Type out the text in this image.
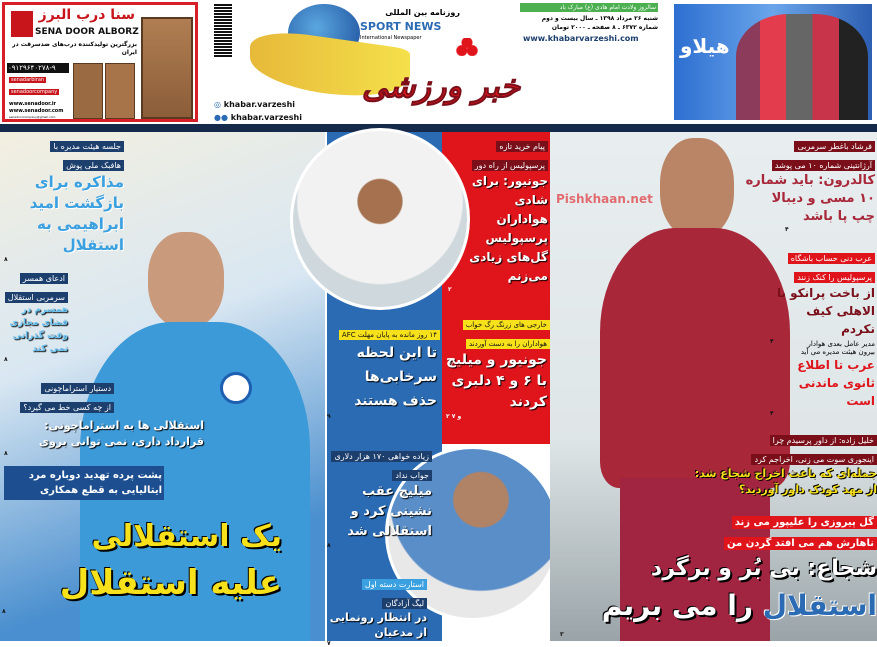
سنا درب البرز
SENA DOOR ALBORZ
بزرگترین تولیدکننده درب‌های ضدسرقت در ایران
۰۹۱۲۹۶۴۰۲۷۸-۹
senadarbiran
senadoorcompany
www.senadoor.ir
www.senadoor.com
senadoorcompany@gmail.com
◎ khabar.varzeshi
●● khabar.varzeshi
روزنامه بین المللی
SPORT NEWS
International Newspaper
خبر ورزشی
سالروز ولادت امام هادی (ع) مبارک باد
شنبه ۲۶ مرداد ۱۳۹۸ ـ سال بیست و دوم
شماره ۶۳۷۲ ـ ۸ صفحه ـ ۲۰۰۰ تومان
www.khabarvarzeshi.com هیلاو
جلسه هیئت مدیره با
هافبک ملی پوش
مذاکره برای بازگشت امید ابراهیمی به استقلال
۸
ادعای همسر
سرمربی استقلال
همسرم در فضای مجازی وقت گذرانی نمی کند
۸
دستیار استراماچونی
از چه کسی خط می گیرد؟
استقلالی ها به استراماچونی: قرارداد داری، نمی توانی بروی
۸
پشت پرده تهدید دوباره مرد ایتالیایی به قطع همکاری
یک استقلالی
علیه استقلال
۸
پیام خرید تازه
پرسپولیس از راه دور
جونیور: برای شادی هواداران پرسپولیس گل‌های زیادی می‌زنم
۲
خارجی های زرنگ رگ خواب
هواداران را به دست آوردند
جونیور و میلیچ با ۶ و ۴ دلبری کردند
۲ و ۷
۱۴ روز مانده به پایان مهلت AFC
تا این لحظه سرخابی‌ها حذف هستند
۹
زیاده خواهی ۱۷۰ هزار دلاری
جواب نداد
میلیچ عقب نشینی کرد و استقلالی شد
۸
استارت دسته اول
لیگ آزادگان
در انتظار رونمایی از مدعیان
۷
Pishkhaan.net
فرشاد باغطر سرمربی
آرژانتینی شماره ۱۰ می پوشد
کالدرون: باید شماره ۱۰ مسی و دیبالا چپ پا باشد
۴
عرب دنی حساب باشگاه
پرسپولیس را کنک زنند
از باخت پرانکو با الاهلی کیف نکردم
۴	مدیر عامل بعدی هوادار
بیرون هیئت مدیره می آید
عرب تا اطلاع ثانوی ماندنی است
۴
خلیل زاده: از داور پرسیدم چرا
اینجوری سوت می زنی، اخراجم کرد
جمله‌ای که باعث اخراج شجاع شد: از مهد کودک داور آوردید؟
گل پیروزی را علیپور می زند
ناهارش هم می افتد گردن من
شجاع: بی بُر و برگرد
استقلال را می بریم
۳
